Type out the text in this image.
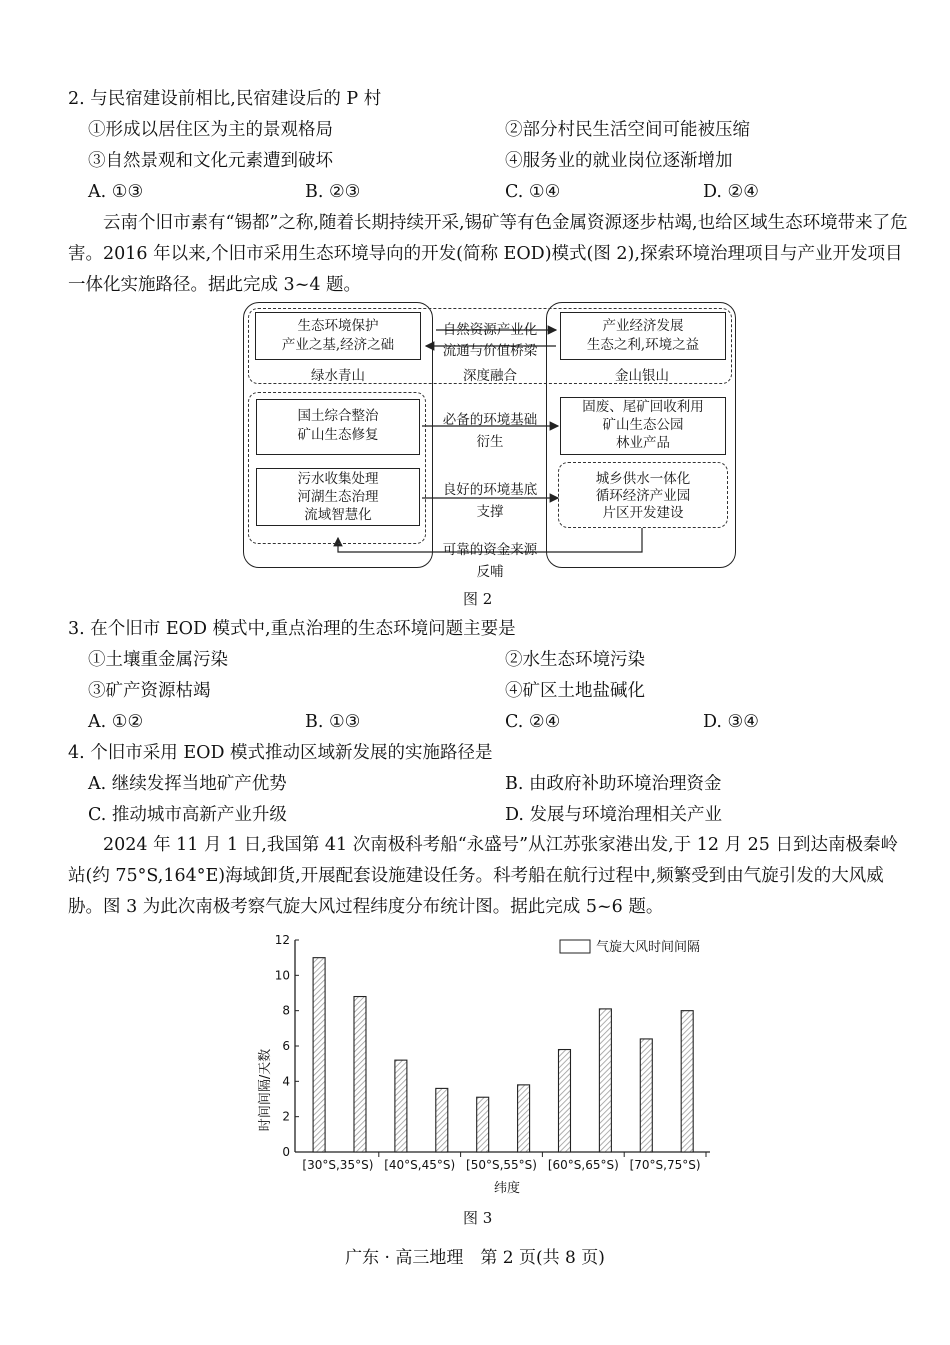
2. 与民宿建设前相比,民宿建设后的 P 村
①形成以居住区为主的景观格局	②部分村民生活空间可能被压缩
③自然景观和文化元素遭到破坏	④服务业的就业岗位逐渐增加
A. ①③	B. ②③	C. ①④	D. ②④
云南个旧市素有“锡都”之称,随着长期持续开采,锡矿等有色金属资源逐步枯竭,也给区域生态环境带来了危害。2016 年以来,个旧市采用生态环境导向的开发(简称 EOD)模式(图 2),探索环境治理项目与产业开发项目一体化实施路径。据此完成 3~4 题。
生态环境保护
产业之基,经济之础
绿水青山
自然资源产业化
流通与价值桥梁
深度融合
产业经济发展
生态之利,环境之益
金山银山
国土综合整治
矿山生态修复
必备的环境基础
衍生
固废、尾矿回收利用
矿山生态公园
林业产品
污水收集处理
河湖生态治理
流域智慧化
良好的环境基底
支撑
城乡供水一体化
循环经济产业园
片区开发建设
可靠的资金来源
反哺
图 2
3. 在个旧市 EOD 模式中,重点治理的生态环境问题主要是
①土壤重金属污染	②水生态环境污染
③矿产资源枯竭	④矿区土地盐碱化
A. ①②	B. ①③	C. ②④	D. ③④
4. 个旧市采用 EOD 模式推动区域新发展的实施路径是
A. 继续发挥当地矿产优势	B. 由政府补助环境治理资金
C. 推动城市高新产业升级	D. 发展与环境治理相关产业
2024 年 11 月 1 日,我国第 41 次南极科考船“永盛号”从江苏张家港出发,于 12 月 25 日到达南极秦岭站(约 75°S,164°E)海域卸货,开展配套设施建设任务。科考船在航行过程中,频繁受到由气旋引发的大风威胁。图 3 为此次南极考察气旋大风过程纬度分布统计图。据此完成 5~6 题。
0
2
4
6
8
10
12
[30°S,35°S) [40°S,45°S) [50°S,55°S) [60°S,65°S) [70°S,75°S)
气旋大风时间间隔
时间间隔/天数
纬度
图 3
广东 · 高三地理　第 2 页(共 8 页)
